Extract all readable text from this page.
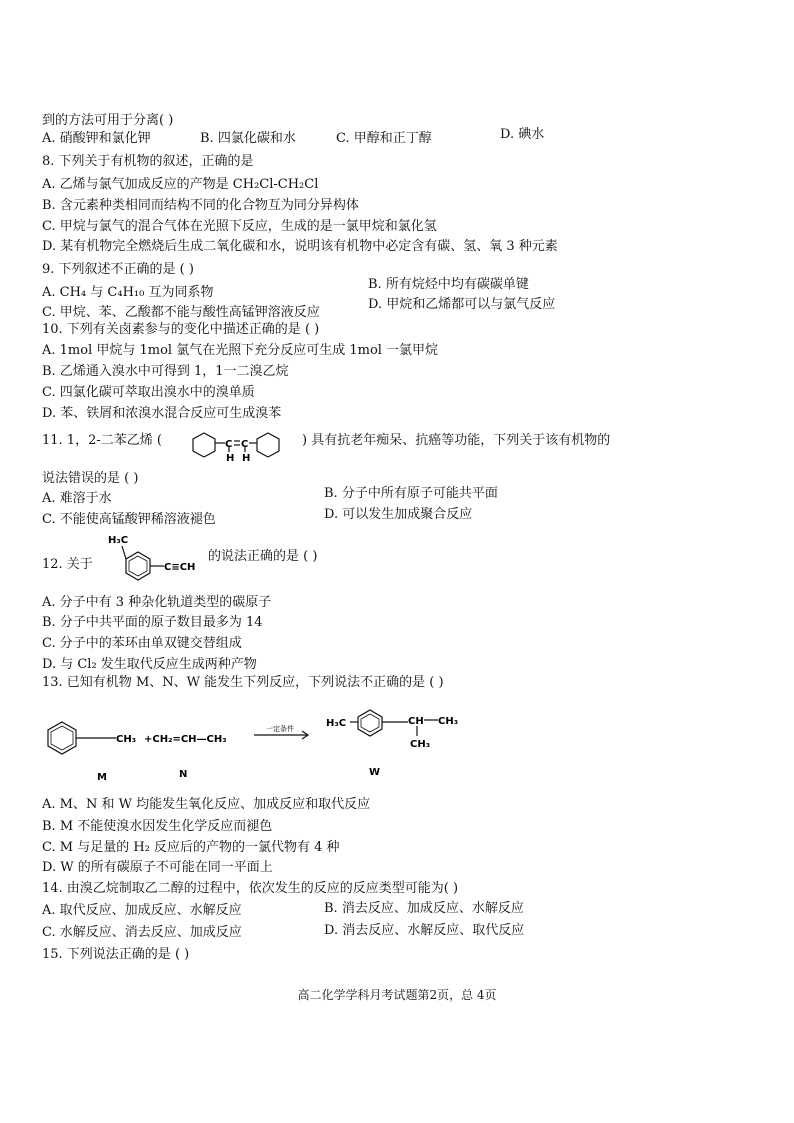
到的方法可用于分离( )
A. 硝酸钾和氯化钾	B. 四氯化碳和水	C. 甲醇和正丁醇	D. 碘水
8. 下列关于有机物的叙述，正确的是
A. 乙烯与氯气加成反应的产物是 CH₂Cl-CH₂Cl
B. 含元素种类相同而结构不同的化合物互为同分异构体
C. 甲烷与氯气的混合气体在光照下反应，生成的是一氯甲烷和氯化氢
D. 某有机物完全燃烧后生成二氧化碳和水，说明该有机物中必定含有碳、氢、氧 3 种元素
9. 下列叙述不正确的是 ( )
A. CH₄ 与 C₄H₁₀ 互为同系物
B. 所有烷烃中均有碳碳单键
C. 甲烷、苯、乙酸都不能与酸性高锰钾溶液反应
D. 甲烷和乙烯都可以与氯气反应
10. 下列有关卤素参与的变化中描述正确的是 ( )
A. 1mol 甲烷与 1mol 氯气在光照下充分反应可生成 1mol 一氯甲烷
B. 乙烯通入溴水中可得到 1，1一二溴乙烷
C. 四氯化碳可萃取出溴水中的溴单质
D. 苯、铁屑和浓溴水混合反应可生成溴苯
11. 1，2-二苯乙烯 (	C C
H H
) 具有抗老年痴呆、抗癌等功能，下列关于该有机物的
说法错误的是 ( )
A. 难溶于水	B. 分子中所有原子可能共平面
C. 不能使高锰酸钾稀溶液褪色	D. 可以发生加成聚合反应
12. 关于
H₃C
C≡CH
的说法正确的是 ( )
A. 分子中有 3 种杂化轨道类型的碳原子
B. 分子中共平面的原子数目最多为 14
C. 分子中的苯环由单双键交替组成
D. 与 Cl₂ 发生取代反应生成两种产物
13. 已知有机物 M、N、W 能发生下列反应，下列说法不正确的是 ( )
CH₃ +CH₂=CH—CH₃
一定条件	H₃C	CH CH₃
CH₃
M	N	W
A. M、N 和 W 均能发生氧化反应、加成反应和取代反应
B. M 不能使溴水因发生化学反应而褪色
C. M 与足量的 H₂ 反应后的产物的一氯代物有 4 种
D. W 的所有碳原子不可能在同一平面上
14. 由溴乙烷制取乙二醇的过程中，依次发生的反应的反应类型可能为( )
A. 取代反应、加成反应、水解反应	B. 消去反应、加成反应、水解反应
C. 水解反应、消去反应、加成反应	D. 消去反应、水解反应、取代反应
15. 下列说法正确的是 ( )
高二化学学科月考试题第2页，总 4页
